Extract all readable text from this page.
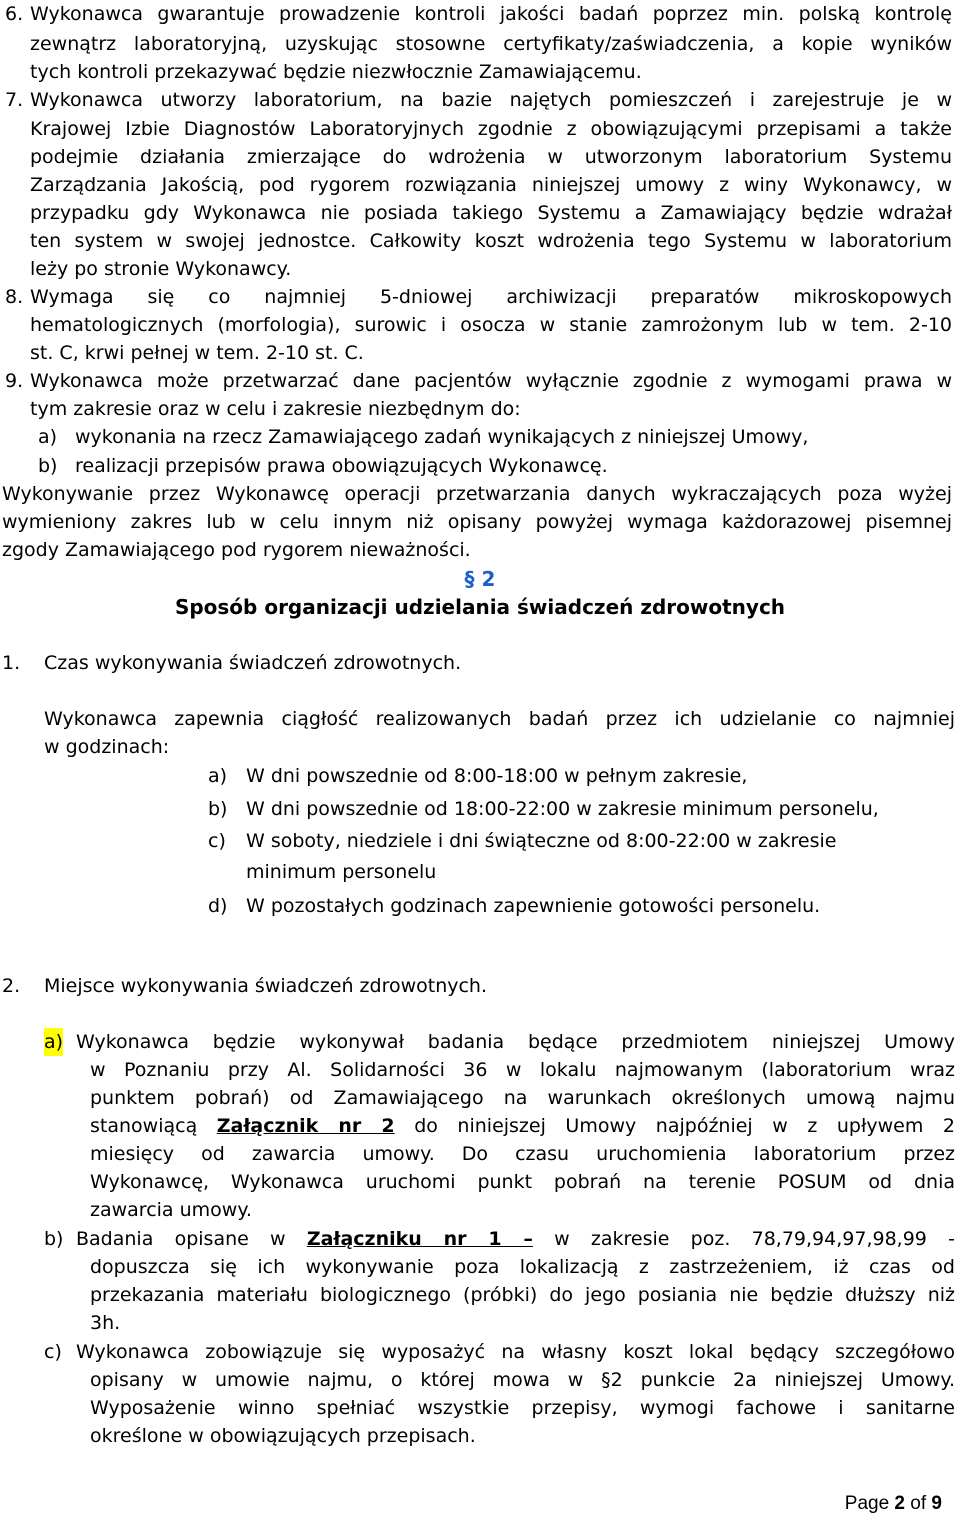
6. Wykonawca gwarantuje prowadzenie kontroli jakości badań poprzez min. polską kontrolę
zewnątrz laboratoryjną, uzyskując stosowne certyfikaty/zaświadczenia, a kopie wyników
tych kontroli przekazywać będzie niezwłocznie Zamawiającemu.
7. Wykonawca utworzy laboratorium, na bazie najętych pomieszczeń i zarejestruje je w
Krajowej Izbie Diagnostów Laboratoryjnych zgodnie z obowiązującymi przepisami a także
podejmie działania zmierzające do wdrożenia w utworzonym laboratorium Systemu
Zarządzania Jakością, pod rygorem rozwiązania niniejszej umowy z winy Wykonawcy, w
przypadku gdy Wykonawca nie posiada takiego Systemu a Zamawiający będzie wdrażał
ten system w swojej jednostce. Całkowity koszt wdrożenia tego Systemu w laboratorium
leży po stronie Wykonawcy.
8. Wymaga się co najmniej 5-dniowej archiwizacji preparatów mikroskopowych
hematologicznych (morfologia), surowic i osocza w stanie zamrożonym lub w tem. 2-10
st. C, krwi pełnej w tem. 2-10 st. C.
9. Wykonawca może przetwarzać dane pacjentów wyłącznie zgodnie z wymogami prawa w
tym zakresie oraz w celu i zakresie niezbędnym do:
a) wykonania na rzecz Zamawiającego zadań wynikających z niniejszej Umowy,
b) realizacji przepisów prawa obowiązujących Wykonawcę.
Wykonywanie przez Wykonawcę operacji przetwarzania danych wykraczających poza wyżej
wymieniony zakres lub w celu innym niż opisany powyżej wymaga każdorazowej pisemnej
zgody Zamawiającego pod rygorem nieważności.
§ 2
Sposób organizacji udzielania świadczeń zdrowotnych
1. Czas wykonywania świadczeń zdrowotnych.
Wykonawca zapewnia ciągłość realizowanych badań przez ich udzielanie co najmniej
w godzinach:
a) W dni powszednie od 8:00-18:00 w pełnym zakresie,
b) W dni powszednie od 18:00-22:00 w zakresie minimum personelu,
c) W soboty, niedziele i dni świąteczne od 8:00-22:00 w zakresie
minimum personelu
d) W pozostałych godzinach zapewnienie gotowości personelu.
2. Miejsce wykonywania świadczeń zdrowotnych.
a) Wykonawca będzie wykonywał badania będące przedmiotem niniejszej Umowy
w Poznaniu przy Al. Solidarności 36 w lokalu najmowanym (laboratorium wraz
punktem pobrań) od Zamawiającego na warunkach określonych umową najmu
stanowiącą Załącznik nr 2 do niniejszej Umowy najpóźniej w z upływem 2
miesięcy od zawarcia umowy. Do czasu uruchomienia laboratorium przez
Wykonawcę, Wykonawca uruchomi punkt pobrań na terenie POSUM od dnia
zawarcia umowy.
b) Badania opisane w Załączniku nr 1 – w zakresie poz. 78,79,94,97,98,99 -
dopuszcza się ich wykonywanie poza lokalizacją z zastrzeżeniem, iż czas od
przekazania materiału biologicznego (próbki) do jego posiania nie będzie dłuższy niż
3h.
c) Wykonawca zobowiązuje się wyposażyć na własny koszt lokal będący szczegółowo
opisany w umowie najmu, o której mowa w §2 punkcie 2a niniejszej Umowy.
Wyposażenie winno spełniać wszystkie przepisy, wymogi fachowe i sanitarne
określone w obowiązujących przepisach.
Page 2 of 9
